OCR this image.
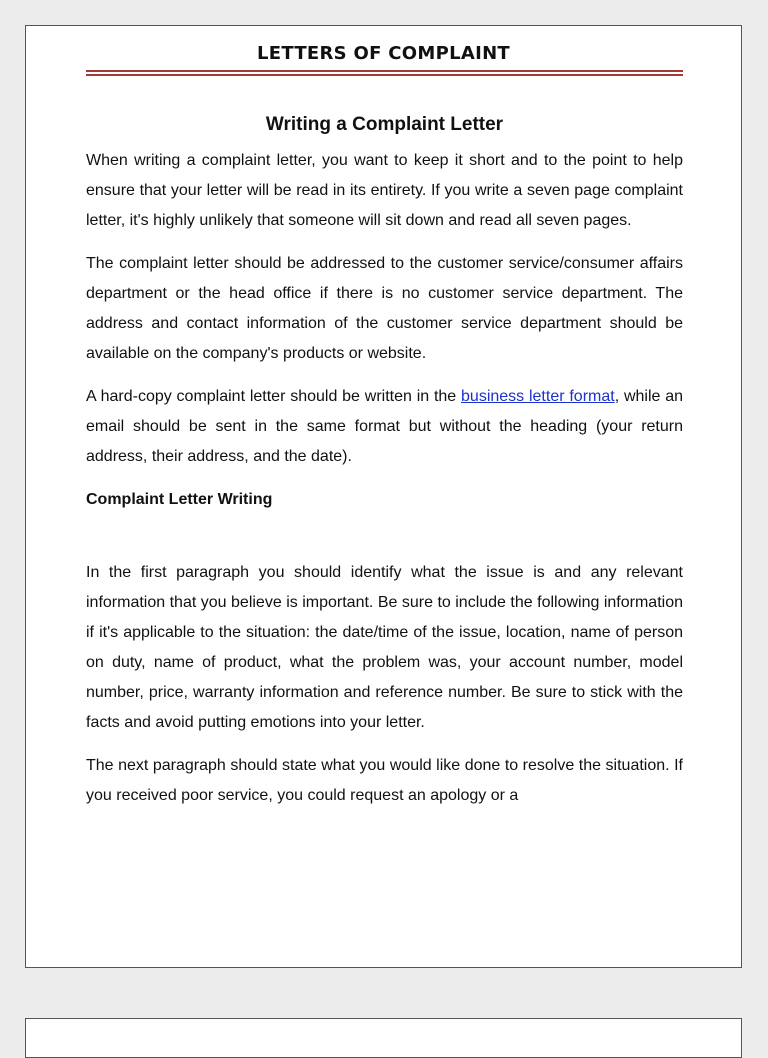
LETTERS OF COMPLAINT
Writing a Complaint Letter

When writing a complaint letter, you want to keep it short and to the point to help ensure that your letter will be read in its entirety. If you write a seven page complaint letter, it's highly unlikely that someone will sit down and read all seven pages.

The complaint letter should be addressed to the customer service/consumer affairs department or the head office if there is no customer service department. The address and contact information of the customer service department should be available on the company's products or website.

A hard-copy complaint letter should be written in the business letter format, while an email should be sent in the same format but without the heading (your return address, their address, and the date).

Complaint Letter Writing

In the first paragraph you should identify what the issue is and any relevant information that you believe is important. Be sure to include the following information if it's applicable to the situation: the date/time of the issue, location, name of person on duty, name of product, what the problem was, your account number, model number, price, warranty information and reference number. Be sure to stick with the facts and avoid putting emotions into your letter.

The next paragraph should state what you would like done to resolve the situation. If you received poor service, you could request an apology or a
